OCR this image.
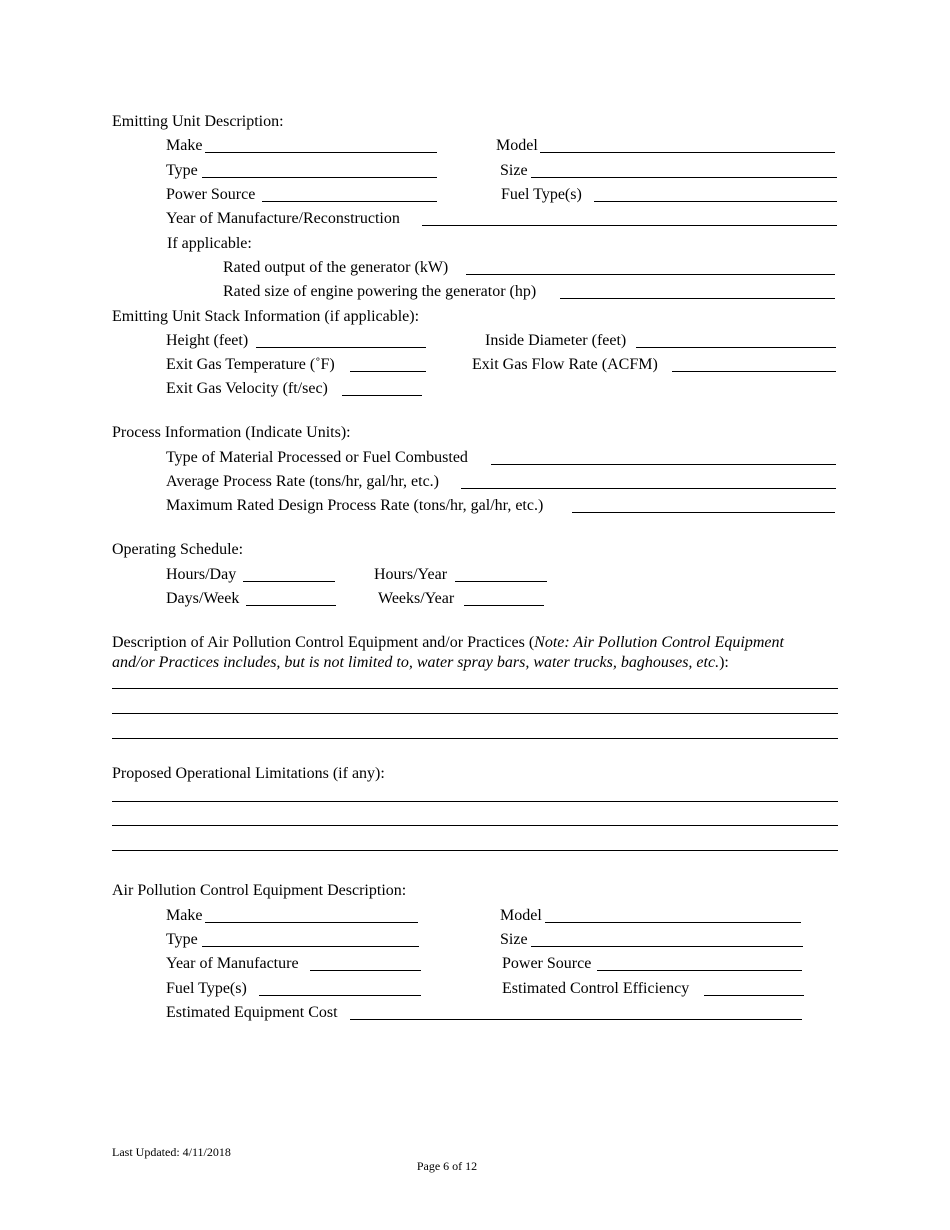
Emitting Unit Description:
Make	Model
Type	Size
Power Source	Fuel Type(s)
Year of Manufacture/Reconstruction
If applicable:
Rated output of the generator (kW)
Rated size of engine powering the generator (hp)
Emitting Unit Stack Information (if applicable):
Height (feet)	Inside Diameter (feet)
Exit Gas Temperature (˚F)	Exit Gas Flow Rate (ACFM)
Exit Gas Velocity (ft/sec)
Process Information (Indicate Units):
Type of Material Processed or Fuel Combusted
Average Process Rate (tons/hr, gal/hr, etc.)
Maximum Rated Design Process Rate (tons/hr, gal/hr, etc.)
Operating Schedule:
Hours/Day	Hours/Year
Days/Week	Weeks/Year
Description of Air Pollution Control Equipment and/or Practices (Note: Air Pollution Control Equipment
and/or Practices includes, but is not limited to, water spray bars, water trucks, baghouses, etc.):
Proposed Operational Limitations (if any):
Air Pollution Control Equipment Description:
Make	Model
Type	Size
Year of Manufacture	Power Source
Fuel Type(s)	Estimated Control Efficiency
Estimated Equipment Cost
Last Updated: 4/11/2018
Page 6 of 12
